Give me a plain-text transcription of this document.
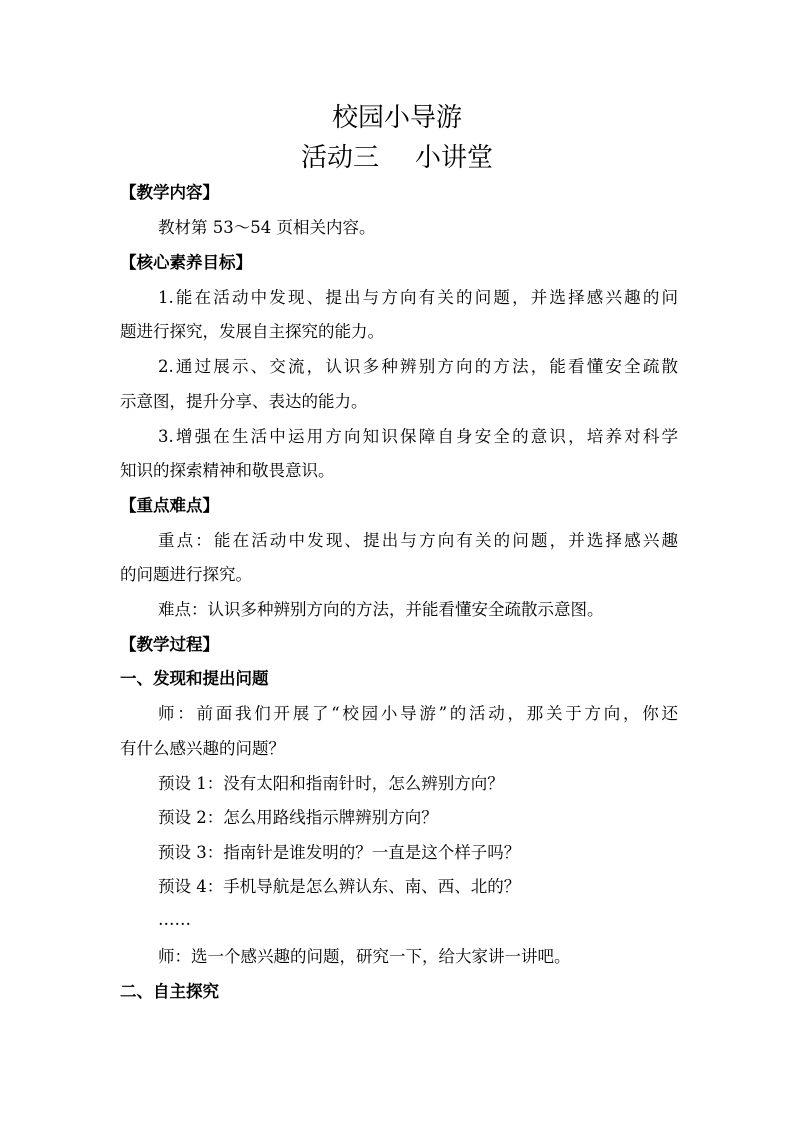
校园小导游
活动三 小讲堂

【教学内容】

教材第 53～54 页相关内容。

【核心素养目标】

1.能在活动中发现、提出与方向有关的问题，并选择感兴趣的问

题进行探究，发展自主探究的能力。

2.通过展示、交流，认识多种辨别方向的方法，能看懂安全疏散

示意图，提升分享、表达的能力。

3.增强在生活中运用方向知识保障自身安全的意识，培养对科学

知识的探索精神和敬畏意识。

【重点难点】

重点：能在活动中发现、提出与方向有关的问题，并选择感兴趣

的问题进行探究。

难点：认识多种辨别方向的方法，并能看懂安全疏散示意图。

【教学过程】

一、发现和提出问题

师：前面我们开展了“校园小导游”的活动，那关于方向，你还

有什么感兴趣的问题？

预设 1：没有太阳和指南针时，怎么辨别方向？

预设 2：怎么用路线指示牌辨别方向？

预设 3：指南针是谁发明的？一直是这个样子吗？

预设 4：手机导航是怎么辨认东、南、西、北的？

……

师：选一个感兴趣的问题，研究一下，给大家讲一讲吧。

二、自主探究
